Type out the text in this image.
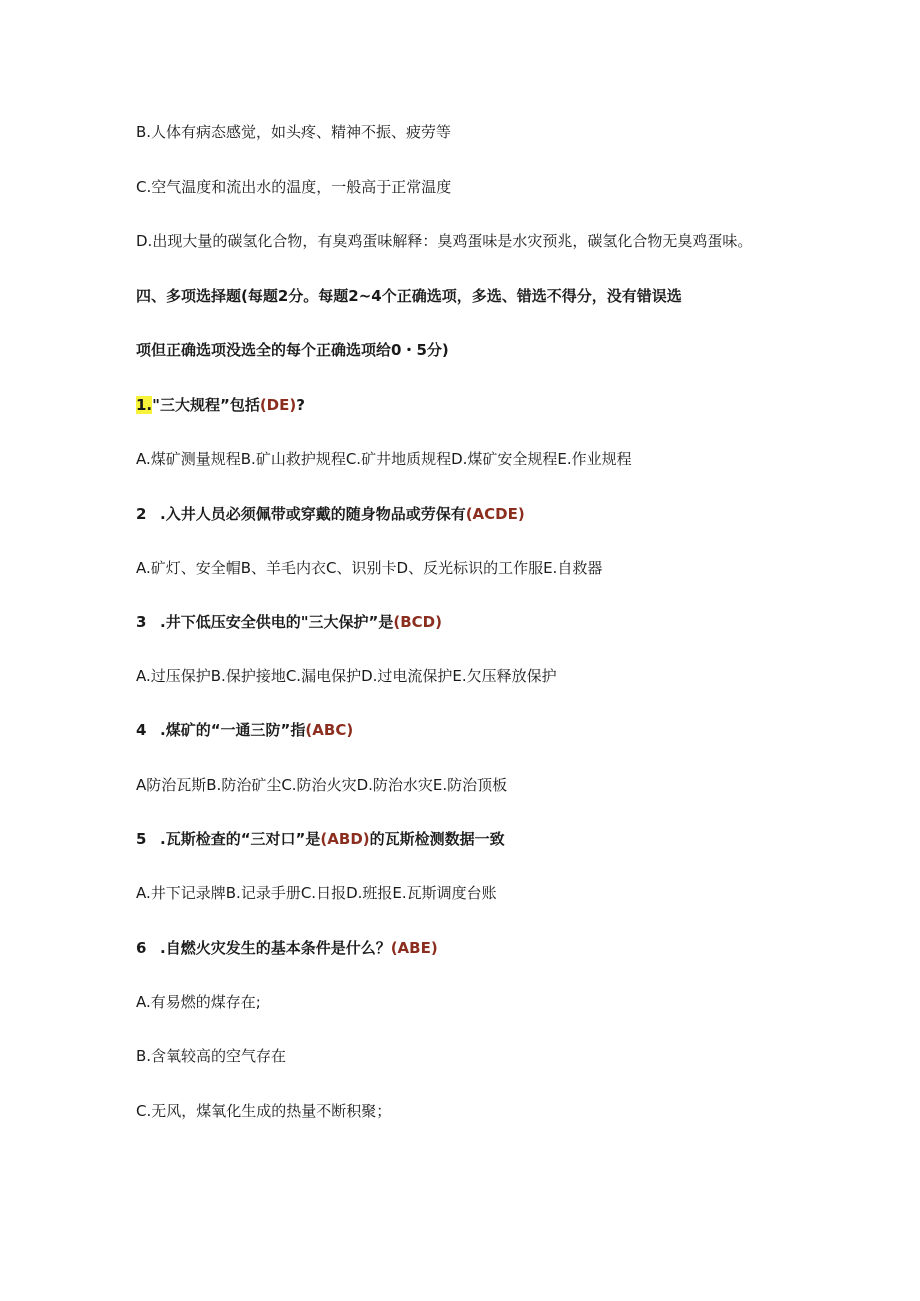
B.人体有病态感觉，如头疼、精神不振、疲劳等
C.空气温度和流出水的温度，一般高于正常温度
D.出现大量的碳氢化合物，有臭鸡蛋味解释：臭鸡蛋味是水灾预兆，碳氢化合物无臭鸡蛋味。
四、多项选择题(每题2分。每题2~4个正确选项，多选、错选不得分，没有错误选
项但正确选项没选全的每个正确选项给0・5分)
1."三大规程”包括(DE)?
A.煤矿测量规程B.矿山救护规程C.矿井地质规程D.煤矿安全规程E.作业规程
2 .入井人员必须佩带或穿戴的随身物品或劳保有(ACDE)
A.矿灯、安全帽B、羊毛内衣C、识别卡D、反光标识的工作服E.自救器
3 .井下低压安全供电的"三大保护”是(BCD)
A.过压保护B.保护接地C.漏电保护D.过电流保护E.欠压释放保护
4 .煤矿的“一通三防”指(ABC)
A防治瓦斯B.防治矿尘C.防治火灾D.防治水灾E.防治顶板
5 .瓦斯检查的“三对口”是(ABD)的瓦斯检测数据一致
A.井下记录牌B.记录手册C.日报D.班报E.瓦斯调度台账
6 .自燃火灾发生的基本条件是什么？(ABE)
A.有易燃的煤存在;
B.含氧较高的空气存在
C.无风，煤氧化生成的热量不断积聚；
